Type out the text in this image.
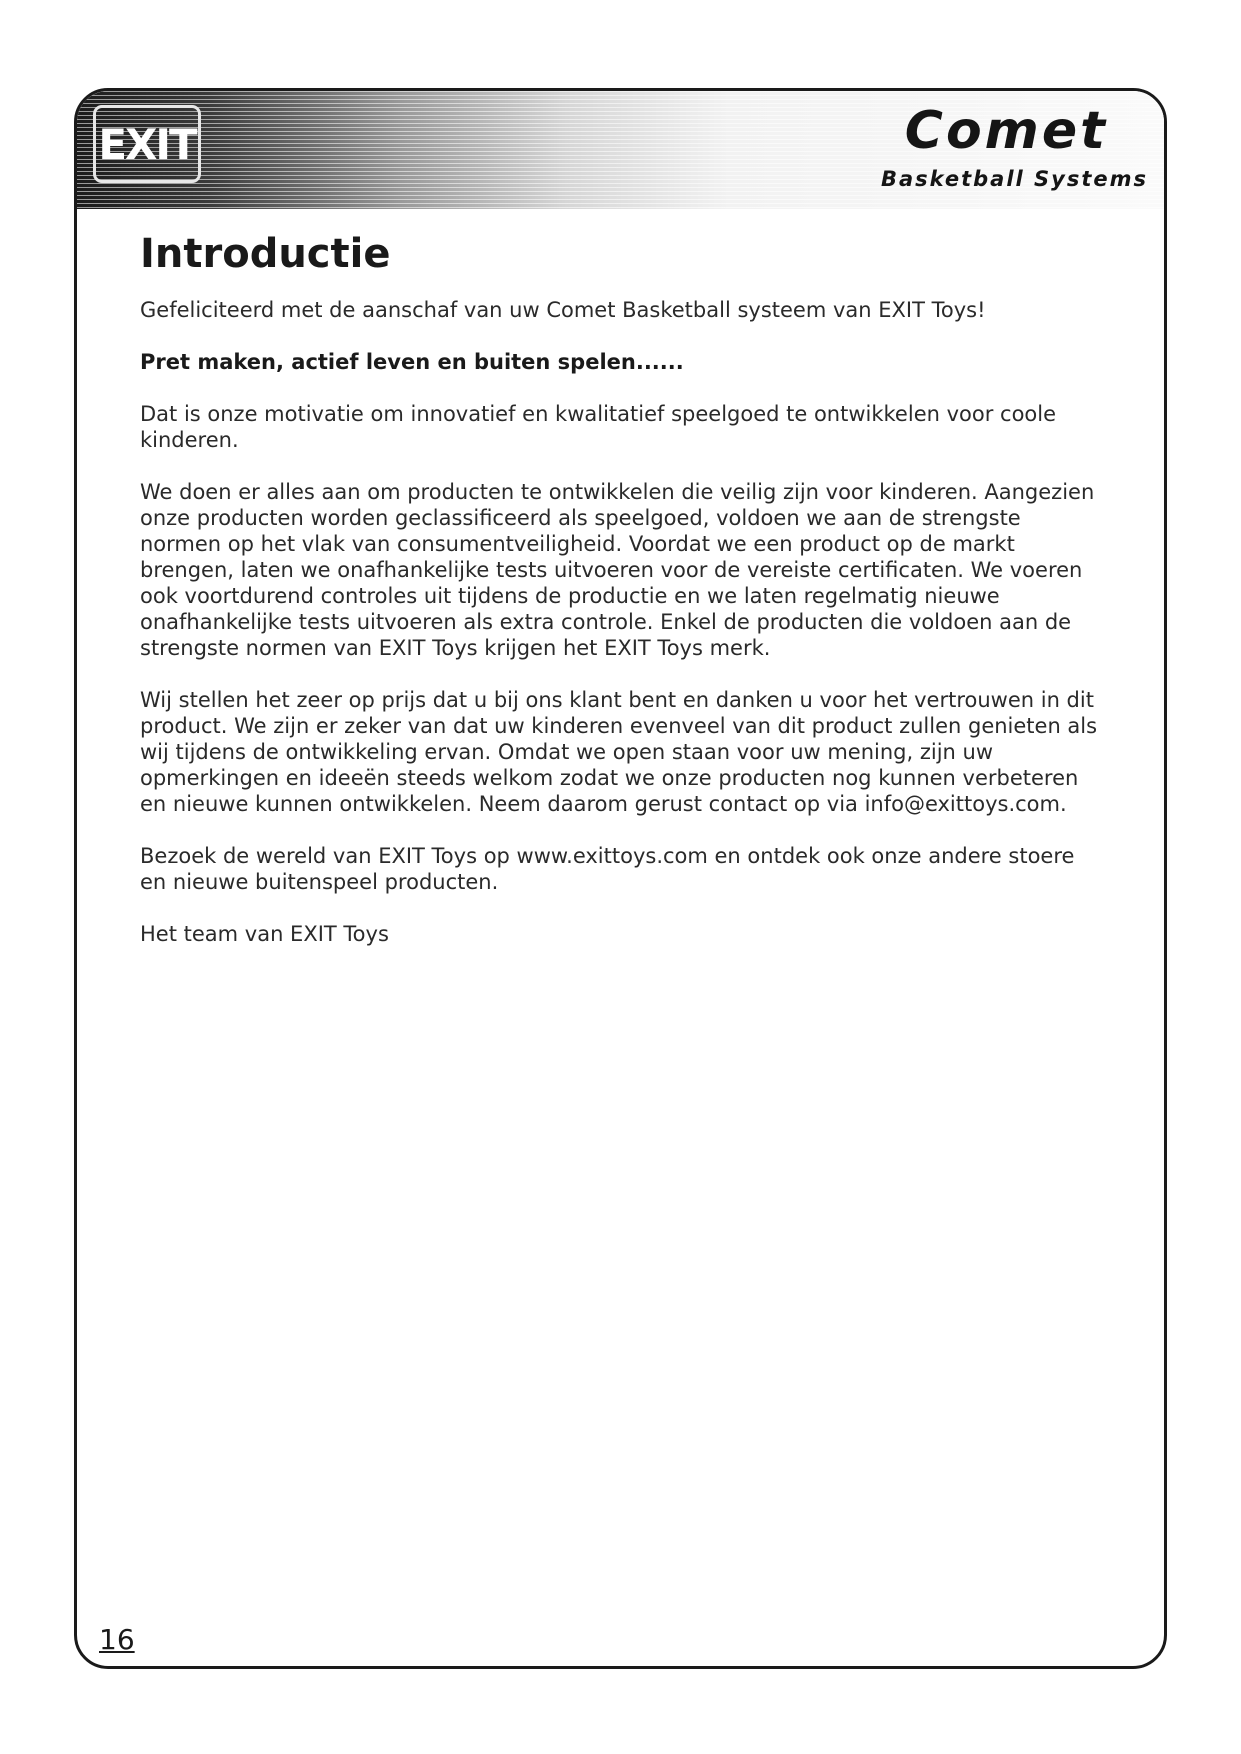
EXIT	Comet
Basketball Systems
Introductie

Gefeliciteerd met de aanschaf van uw Comet Basketball systeem van EXIT Toys!

Pret maken, actief leven en buiten spelen......

Dat is onze motivatie om innovatief en kwalitatief speelgoed te ontwikkelen voor coole kinderen.

We doen er alles aan om producten te ontwikkelen die veilig zijn voor kinderen. Aangezien onze producten worden geclassificeerd als speelgoed, voldoen we aan de strengste normen op het vlak van consumentveiligheid. Voordat we een product op de markt brengen, laten we onafhankelijke tests uitvoeren voor de vereiste certificaten. We voeren ook voortdurend controles uit tijdens de productie en we laten regelmatig nieuwe onafhankelijke tests uitvoeren als extra controle. Enkel de producten die voldoen aan de strengste normen van EXIT Toys krijgen het EXIT Toys merk.

Wij stellen het zeer op prijs dat u bij ons klant bent en danken u voor het vertrouwen in dit product. We zijn er zeker van dat uw kinderen evenveel van dit product zullen genieten als wij tijdens de ontwikkeling ervan. Omdat we open staan voor uw mening, zijn uw opmerkingen en ideeën steeds welkom zodat we onze producten nog kunnen verbeteren en nieuwe kunnen ontwikkelen. Neem daarom gerust contact op via info@exittoys.com.

Bezoek de wereld van EXIT Toys op www.exittoys.com en ontdek ook onze andere stoere en nieuwe buitenspeel producten.

Het team van EXIT Toys

16
